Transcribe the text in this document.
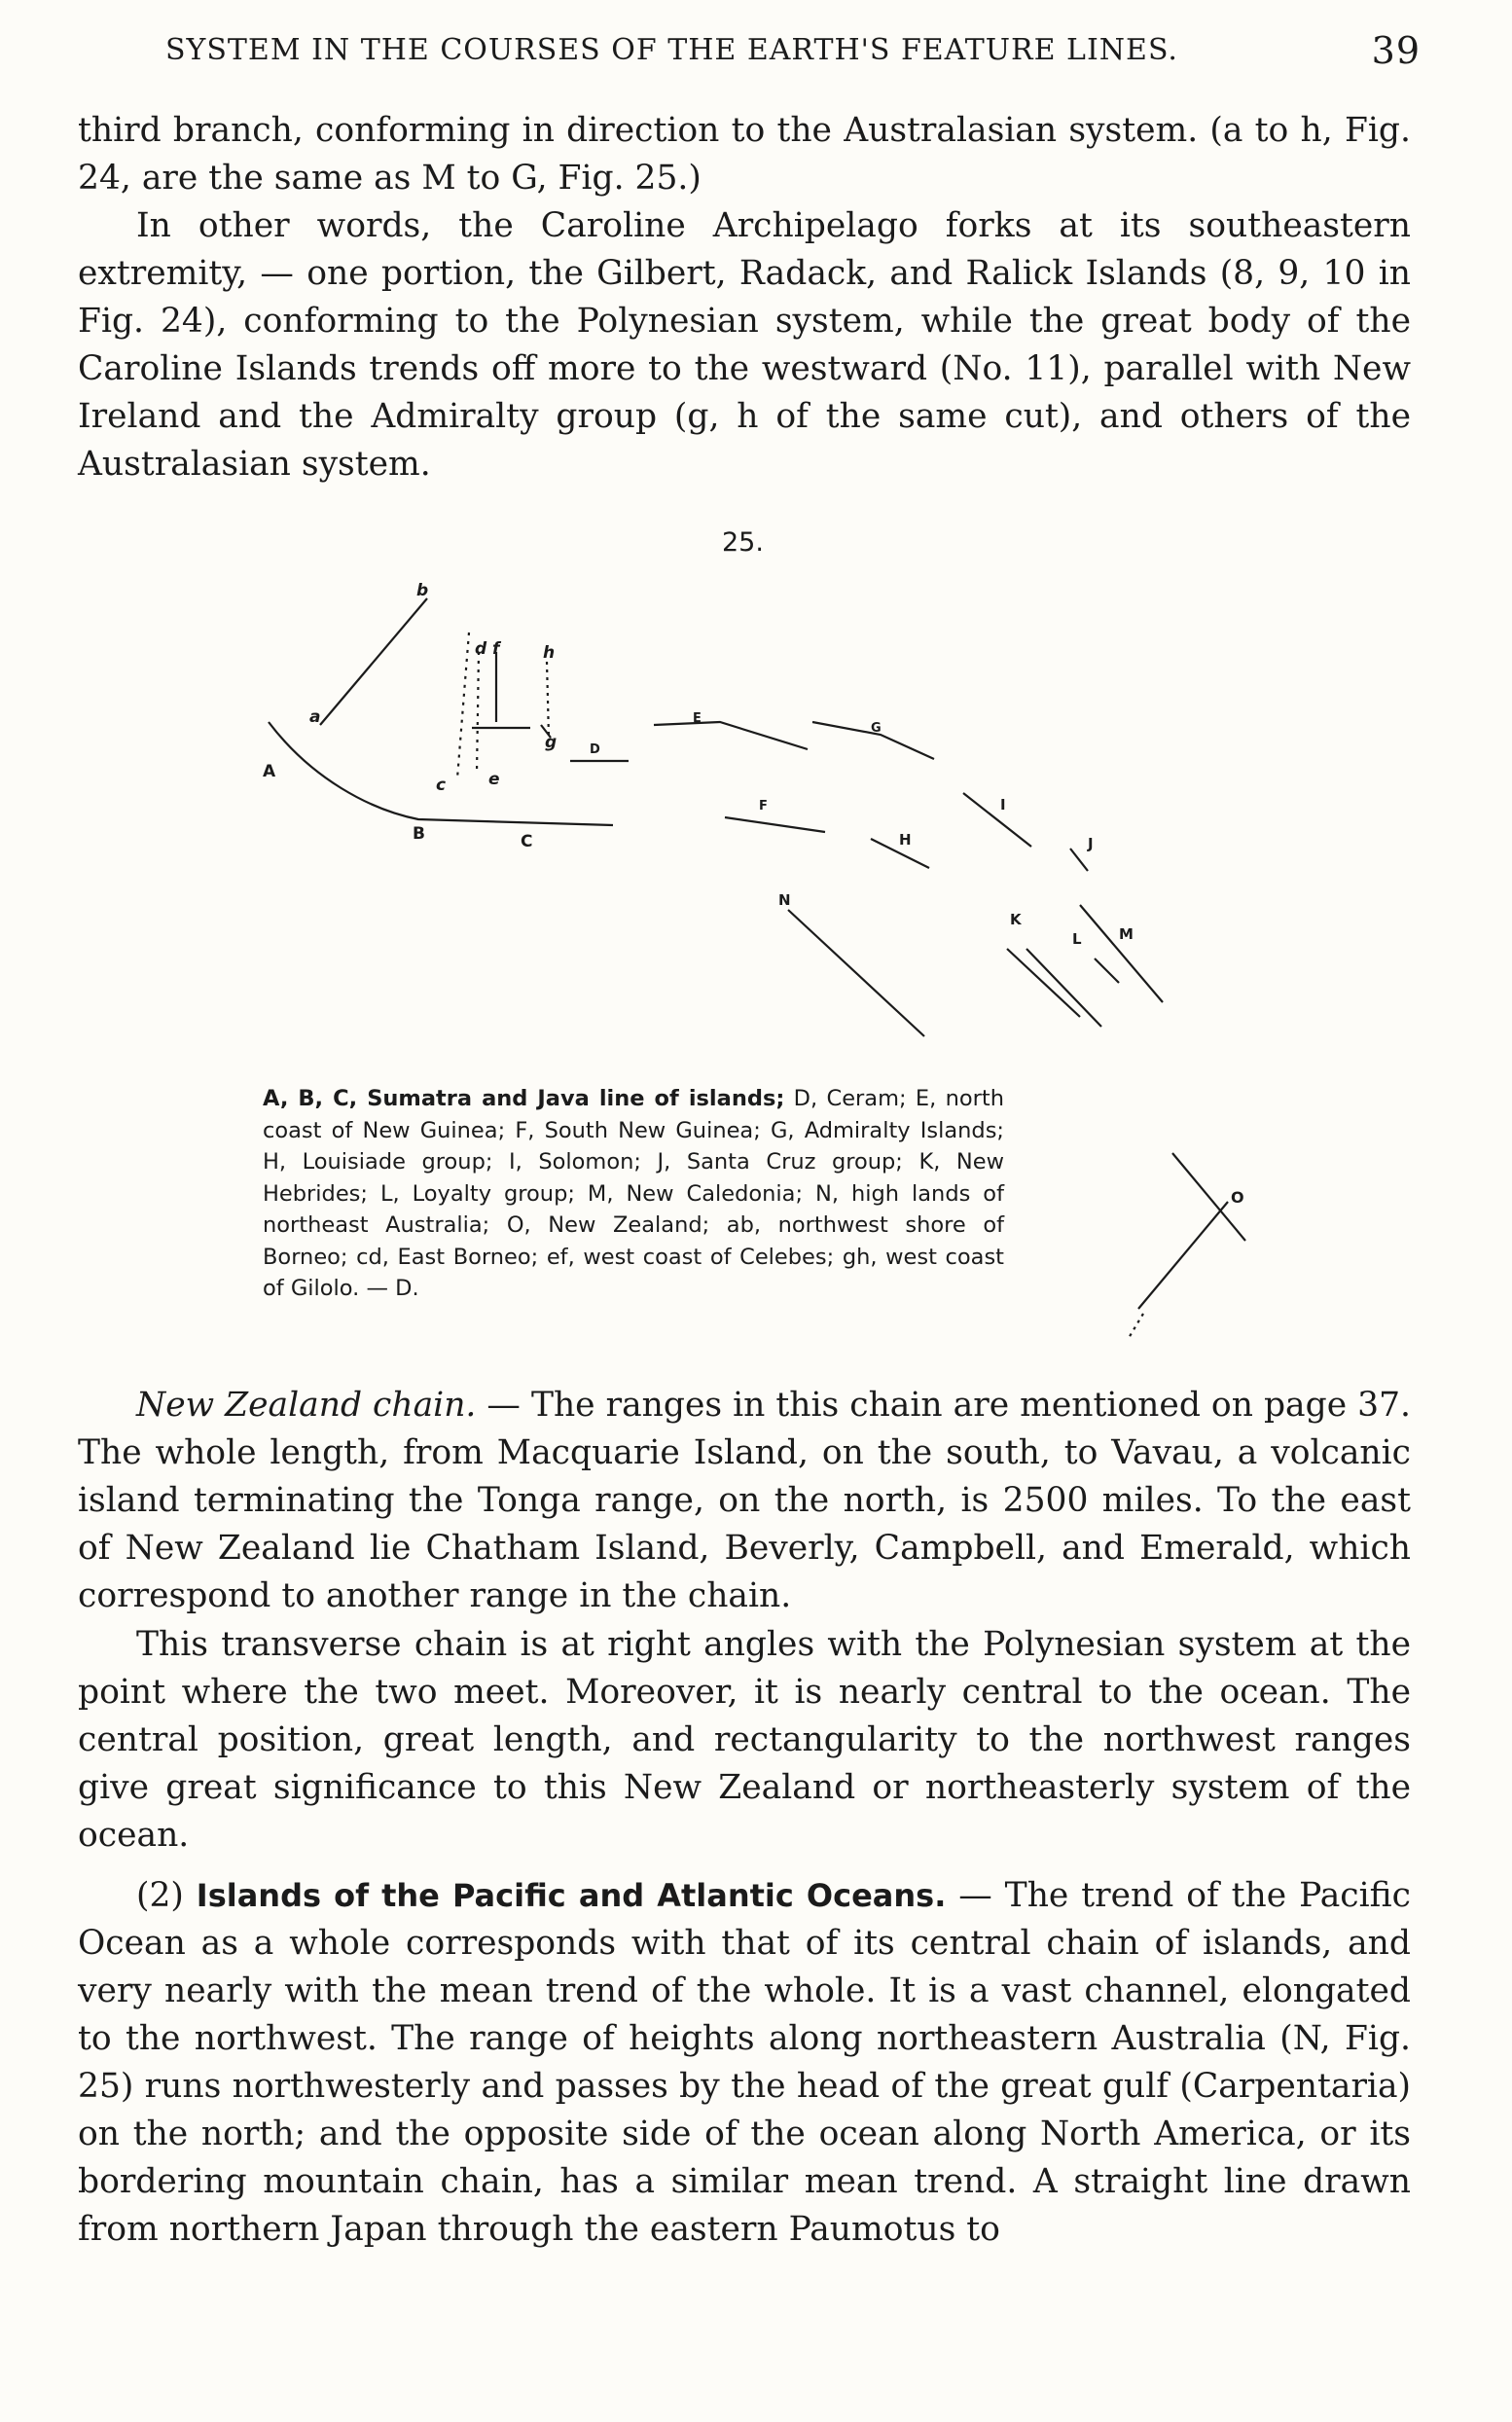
SYSTEM IN THE COURSES OF THE EARTH'S FEATURE LINES.	39

third branch, conforming in direction to the Australasian system. (a to h, Fig. 24, are the same as M to G, Fig. 25.)

In other words, the Caroline Archipelago forks at its southeastern extremity, — one portion, the Gilbert, Radack, and Ralick Islands (8, 9, 10 in Fig. 24), conforming to the Polynesian system, while the great body of the Caroline Islands trends off more to the westward (No. 11), parallel with New Ireland and the Admiralty group (g, h of the same cut), and others of the Australasian system.

25.
b
a
A
B	C
d f	h
c	e
g	D
E
G
F
H
I
J
N
K
L	M
O

A, B, C, Sumatra and Java line of islands; D, Ceram; E, north coast of New Guinea; F, South New Guinea; G, Admiralty Islands; H, Louisiade group; I, Solomon; J, Santa Cruz group; K, New Hebrides; L, Loyalty group; M, New Caledonia; N, high lands of northeast Australia; O, New Zealand; ab, northwest shore of Borneo; cd, East Borneo; ef, west coast of Celebes; gh, west coast of Gilolo. — D.

New Zealand chain. — The ranges in this chain are mentioned on page 37. The whole length, from Macquarie Island, on the south, to Vavau, a volcanic island terminating the Tonga range, on the north, is 2500 miles. To the east of New Zealand lie Chatham Island, Beverly, Campbell, and Emerald, which correspond to another range in the chain.

This transverse chain is at right angles with the Polynesian system at the point where the two meet. Moreover, it is nearly central to the ocean. The central position, great length, and rectangularity to the northwest ranges give great significance to this New Zealand or northeasterly system of the ocean.

(2) Islands of the Pacific and Atlantic Oceans. — The trend of the Pacific Ocean as a whole corresponds with that of its central chain of islands, and very nearly with the mean trend of the whole. It is a vast channel, elongated to the northwest. The range of heights along northeastern Australia (N, Fig. 25) runs northwesterly and passes by the head of the great gulf (Carpentaria) on the north; and the opposite side of the ocean along North America, or its bordering mountain chain, has a similar mean trend. A straight line drawn from northern Japan through the eastern Paumotus to
